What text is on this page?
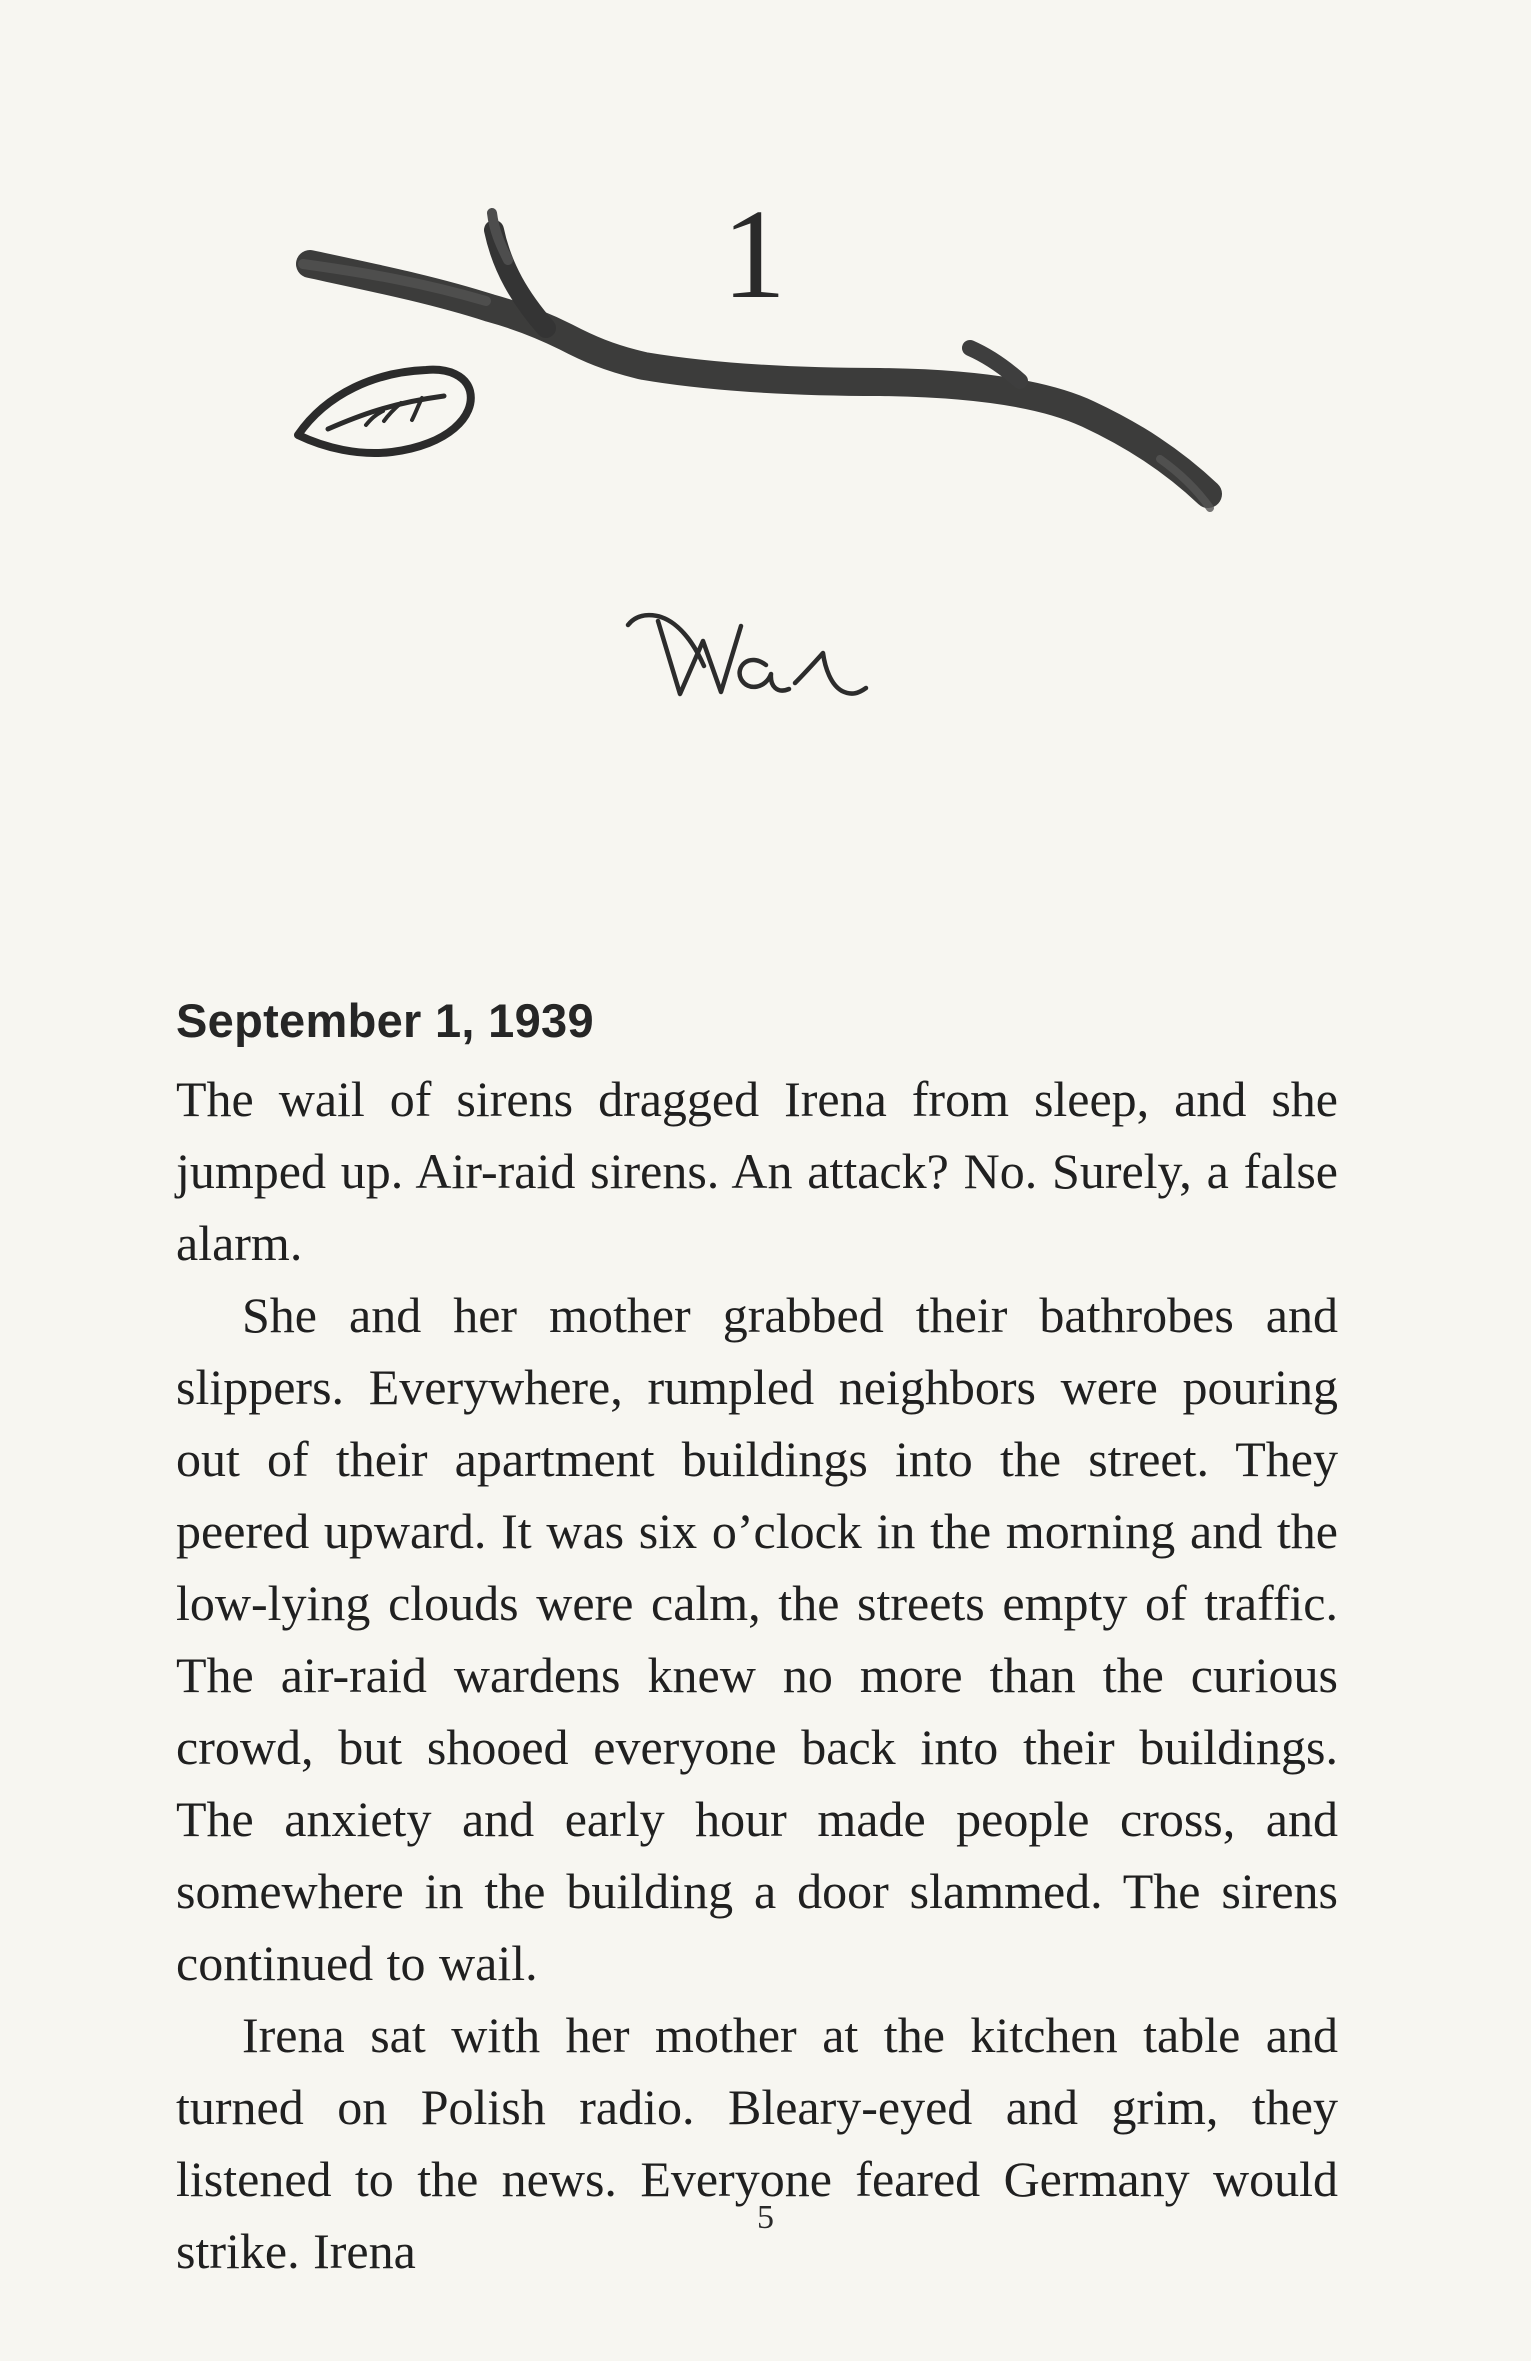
1
September 1, 1939

The wail of sirens dragged Irena from sleep, and she jumped up. Air-raid sirens. An attack? No. Surely, a false alarm.

She and her mother grabbed their bathrobes and slippers. Everywhere, rumpled neighbors were pouring out of their apartment buildings into the street. They peered upward. It was six o’clock in the morning and the low-lying clouds were calm, the streets empty of traffic. The air-raid wardens knew no more than the curious crowd, but shooed everyone back into their buildings. The anxiety and early hour made people cross, and somewhere in the building a door slammed. The sirens continued to wail.

Irena sat with her mother at the kitchen table and turned on Polish radio. Bleary-eyed and grim, they listened to the news. Everyone feared Germany would strike. Irena

5
